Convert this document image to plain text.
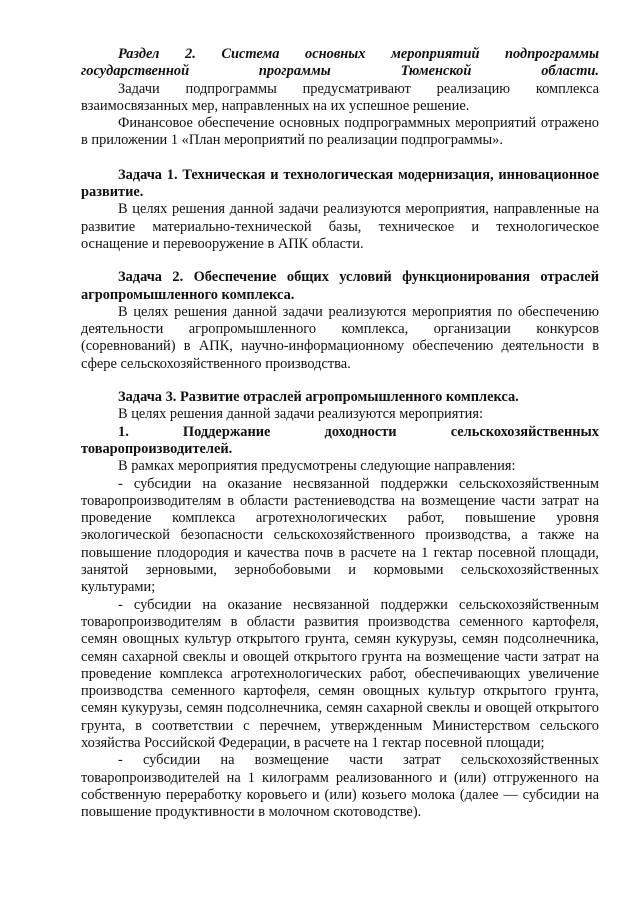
Раздел 2. Система основных мероприятий подпрограммы государственной программы Тюменской области.

Задачи подпрограммы предусматривают реализацию комплекса взаимосвязанных мер, направленных на их успешное решение.

Финансовое обеспечение основных подпрограммных мероприятий отражено в приложении 1 «План мероприятий по реализации подпрограммы».

Задача 1. Техническая и технологическая модернизация, инновационное развитие.

В целях решения данной задачи реализуются мероприятия, направленные на развитие материально-технической базы, техническое и технологическое оснащение и перевооружение в АПК области.

Задача 2. Обеспечение общих условий функционирования отраслей агропромышленного комплекса.

В целях решения данной задачи реализуются мероприятия по обеспечению деятельности агропромышленного комплекса, организации конкурсов (соревнований) в АПК, научно-информационному обеспечению деятельности в сфере сельскохозяйственного производства.

Задача 3. Развитие отраслей агропромышленного комплекса.

В целях решения данной задачи реализуются мероприятия:

1. Поддержание доходности сельскохозяйственных товаропроизводителей.

В рамках мероприятия предусмотрены следующие направления:

- субсидии на оказание несвязанной поддержки сельскохозяйственным товаропроизводителям в области растениеводства на возмещение части затрат на проведение комплекса агротехнологических работ, повышение уровня экологической безопасности сельскохозяйственного производства, а также на повышение плодородия и качества почв в расчете на 1 гектар посевной площади, занятой зерновыми, зернобобовыми и кормовыми сельскохозяйственных культурами;

- субсидии на оказание несвязанной поддержки сельскохозяйственным товаропроизводителям в области развития производства семенного картофеля, семян овощных культур открытого грунта, семян кукурузы, семян подсолнечника, семян сахарной свеклы и овощей открытого грунта на возмещение части затрат на проведение комплекса агротехнологических работ, обеспечивающих увеличение производства семенного картофеля, семян овощных культур открытого грунта, семян кукурузы, семян подсолнечника, семян сахарной свеклы и овощей открытого грунта, в соответствии с перечнем, утвержденным Министерством сельского хозяйства Российской Федерации, в расчете на 1 гектар посевной площади;

- субсидии на возмещение части затрат сельскохозяйственных товаропроизводителей на 1 килограмм реализованного и (или) отгруженного на собственную переработку коровьего и (или) козьего молока (далее — субсидии на повышение продуктивности в молочном скотоводстве).
